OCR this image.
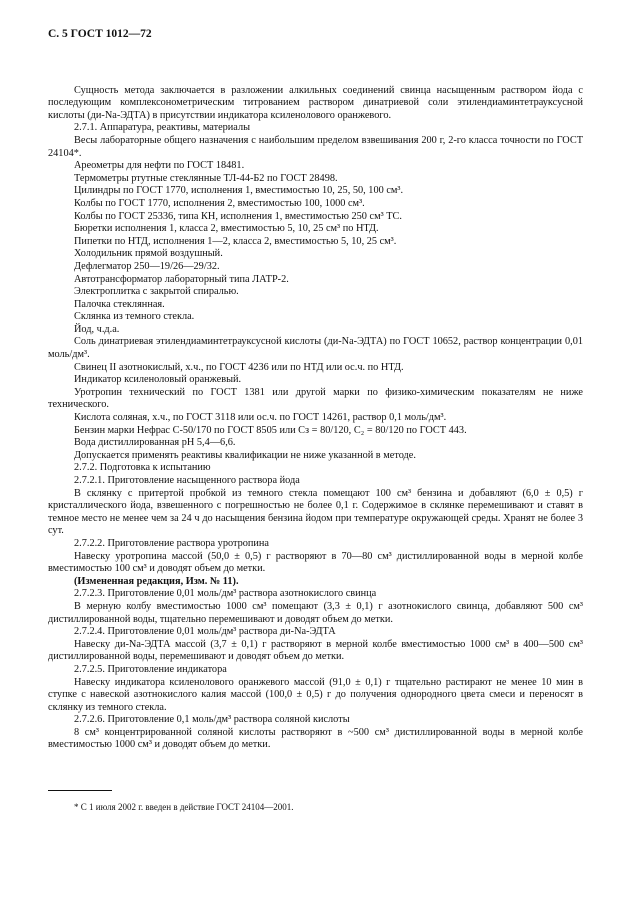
С. 5 ГОСТ 1012—72

Сущность метода заключается в разложении алкильных соединений свинца насыщенным раствором йода с последующим комплексонометрическим титрованием раствором динатриевой соли этилендиаминтетрауксусной кислоты (ди-Na-ЭДТА) в присутствии индикатора ксиленолового оранжевого.

2.7.1. Аппаратура, реактивы, материалы

Весы лабораторные общего назначения с наибольшим пределом взвешивания 200 г, 2-го класса точности по ГОСТ 24104*.

Ареометры для нефти по ГОСТ 18481.

Термометры ртутные стеклянные ТЛ-44-Б2 по ГОСТ 28498.

Цилиндры по ГОСТ 1770, исполнения 1, вместимостью 10, 25, 50, 100 см³.

Колбы по ГОСТ 1770, исполнения 2, вместимостью 100, 1000 см³.

Колбы по ГОСТ 25336, типа КН, исполнения 1, вместимостью 250 см³ ТС.

Бюретки исполнения 1, класса 2, вместимостью 5, 10, 25 см³ по НТД.

Пипетки по НТД, исполнения 1—2, класса 2, вместимостью 5, 10, 25 см³.

Холодильник прямой воздушный.

Дефлегматор 250—19/26—29/32.

Автотрансформатор лабораторный типа ЛАТР-2.

Электроплитка с закрытой спиралью.

Палочка стеклянная.

Склянка из темного стекла.

Йод, ч.д.а.

Соль динатриевая этилендиаминтетрауксусной кислоты (ди-Na-ЭДТА) по ГОСТ 10652, раствор концентрации 0,01 моль/дм³.

Свинец II азотнокислый, х.ч., по ГОСТ 4236 или по НТД или ос.ч. по НТД.

Индикатор ксиленоловый оранжевый.

Уротропин технический по ГОСТ 1381 или другой марки по физико-химическим показателям не ниже технического.

Кислота соляная, х.ч., по ГОСТ 3118 или ос.ч. по ГОСТ 14261, раствор 0,1 моль/дм³.

Бензин марки Нефрас С-50/170 по ГОСТ 8505 или Сз = 80/120, С₂ = 80/120 по ГОСТ 443.

Вода дистиллированная pH 5,4—6,6.

Допускается применять реактивы квалификации не ниже указанной в методе.

2.7.2. Подготовка к испытанию

2.7.2.1. Приготовление насыщенного раствора йода

В склянку с притертой пробкой из темного стекла помещают 100 см³ бензина и добавляют (6,0 ± 0,5) г кристаллического йода, взвешенного с погрешностью не более 0,1 г. Содержимое в склянке перемешивают и ставят в темное место не менее чем за 24 ч до насыщения бензина йодом при температуре окружающей среды. Хранят не более 3 сут.

2.7.2.2. Приготовление раствора уротропина

Навеску уротропина массой (50,0 ± 0,5) г растворяют в 70—80 см³ дистиллированной воды в мерной колбе вместимостью 100 см³ и доводят объем до метки.

(Измененная редакция, Изм. № 11).

2.7.2.3. Приготовление 0,01 моль/дм³ раствора азотнокислого свинца

В мерную колбу вместимостью 1000 см³ помещают (3,3 ± 0,1) г азотнокислого свинца, добавляют 500 см³ дистиллированной воды, тщательно перемешивают и доводят объем до метки.

2.7.2.4. Приготовление 0,01 моль/дм³ раствора ди-Na-ЭДТА

Навеску ди-Na-ЭДТА массой (3,7 ± 0,1) г растворяют в мерной колбе вместимостью 1000 см³ в 400—500 см³ дистиллированной воды, перемешивают и доводят объем до метки.

2.7.2.5. Приготовление индикатора

Навеску индикатора ксиленолового оранжевого массой (91,0 ± 0,1) г тщательно растирают не менее 10 мин в ступке с навеской азотнокислого калия массой (100,0 ± 0,5) г до получения однородного цвета смеси и переносят в склянку из темного стекла.

2.7.2.6. Приготовление 0,1 моль/дм³ раствора соляной кислоты

8 см³ концентрированной соляной кислоты растворяют в ~500 см³ дистиллированной воды в мерной колбе вместимостью 1000 см³ и доводят объем до метки.

* С 1 июля 2002 г. введен в действие ГОСТ 24104—2001.
